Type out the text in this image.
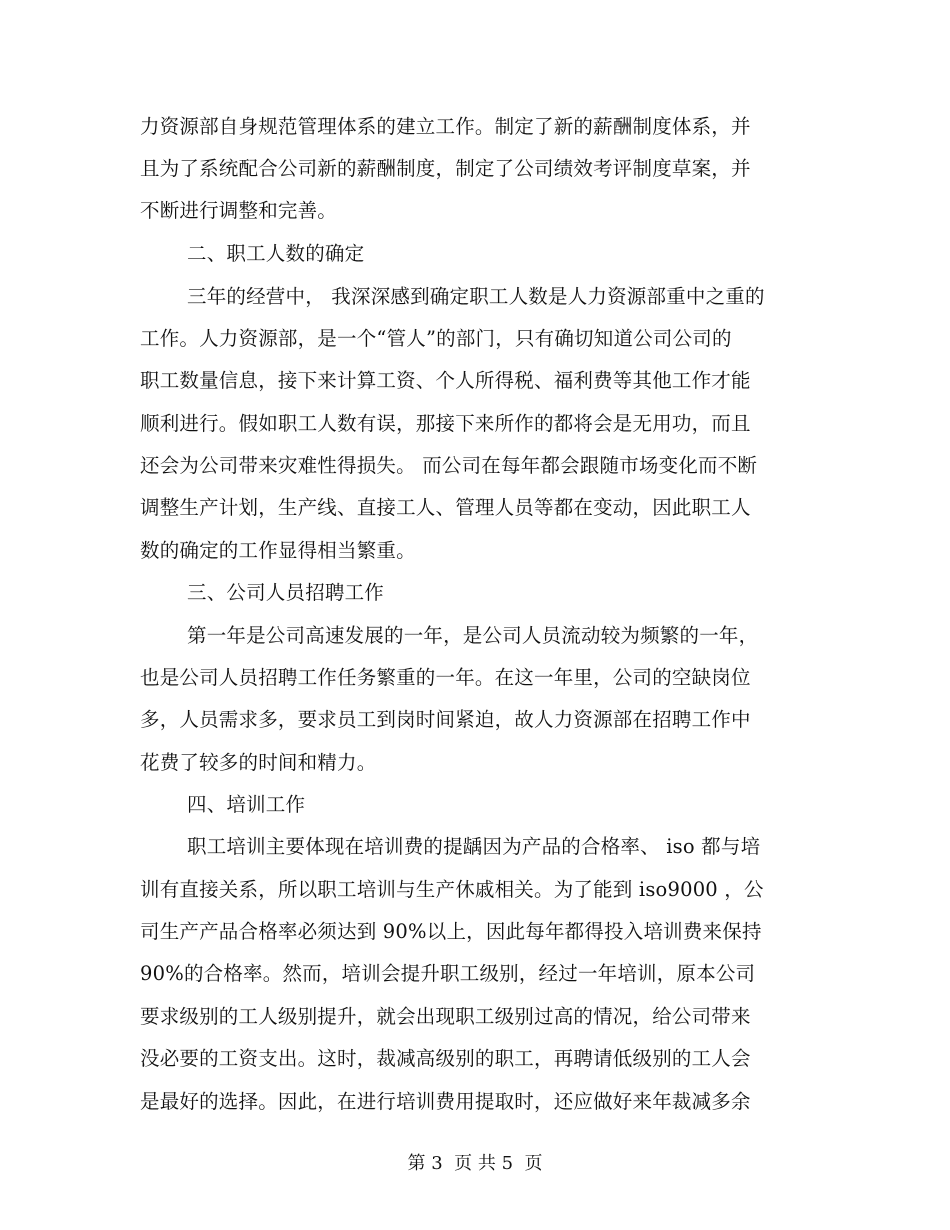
力资源部自身规范管理体系的建立工作。制定了新的薪酬制度体系，并
且为了系统配合公司新的薪酬制度，制定了公司绩效考评制度草案，并
不断进行调整和完善。
二、职工人数的确定
三年的经营中， 我深深感到确定职工人数是人力资源部重中之重的
工作。人力资源部，是一个“管人”的部门，只有确切知道公司公司的
职工数量信息，接下来计算工资、个人所得税、福利费等其他工作才能
顺利进行。假如职工人数有误，那接下来所作的都将会是无用功，而且
还会为公司带来灾难性得损失。 而公司在每年都会跟随市场变化而不断
调整生产计划，生产线、直接工人、管理人员等都在变动，因此职工人
数的确定的工作显得相当繁重。
三、公司人员招聘工作
第一年是公司高速发展的一年，是公司人员流动较为频繁的一年，
也是公司人员招聘工作任务繁重的一年。在这一年里，公司的空缺岗位
多，人员需求多，要求员工到岗时间紧迫，故人力资源部在招聘工作中
花费了较多的时间和精力。
四、培训工作
职工培训主要体现在培训费的提龋因为产品的合格率、 iso 都与培
训有直接关系，所以职工培训与生产休戚相关。为了能到 iso9000 ，公
司生产产品合格率必须达到 90%以上，因此每年都得投入培训费来保持
90%的合格率。然而，培训会提升职工级别，经过一年培训，原本公司
要求级别的工人级别提升，就会出现职工级别过高的情况，给公司带来
没必要的工资支出。这时，裁减高级别的职工，再聘请低级别的工人会
是最好的选择。因此，在进行培训费用提取时，还应做好来年裁减多余
第 3  页 共 5  页
